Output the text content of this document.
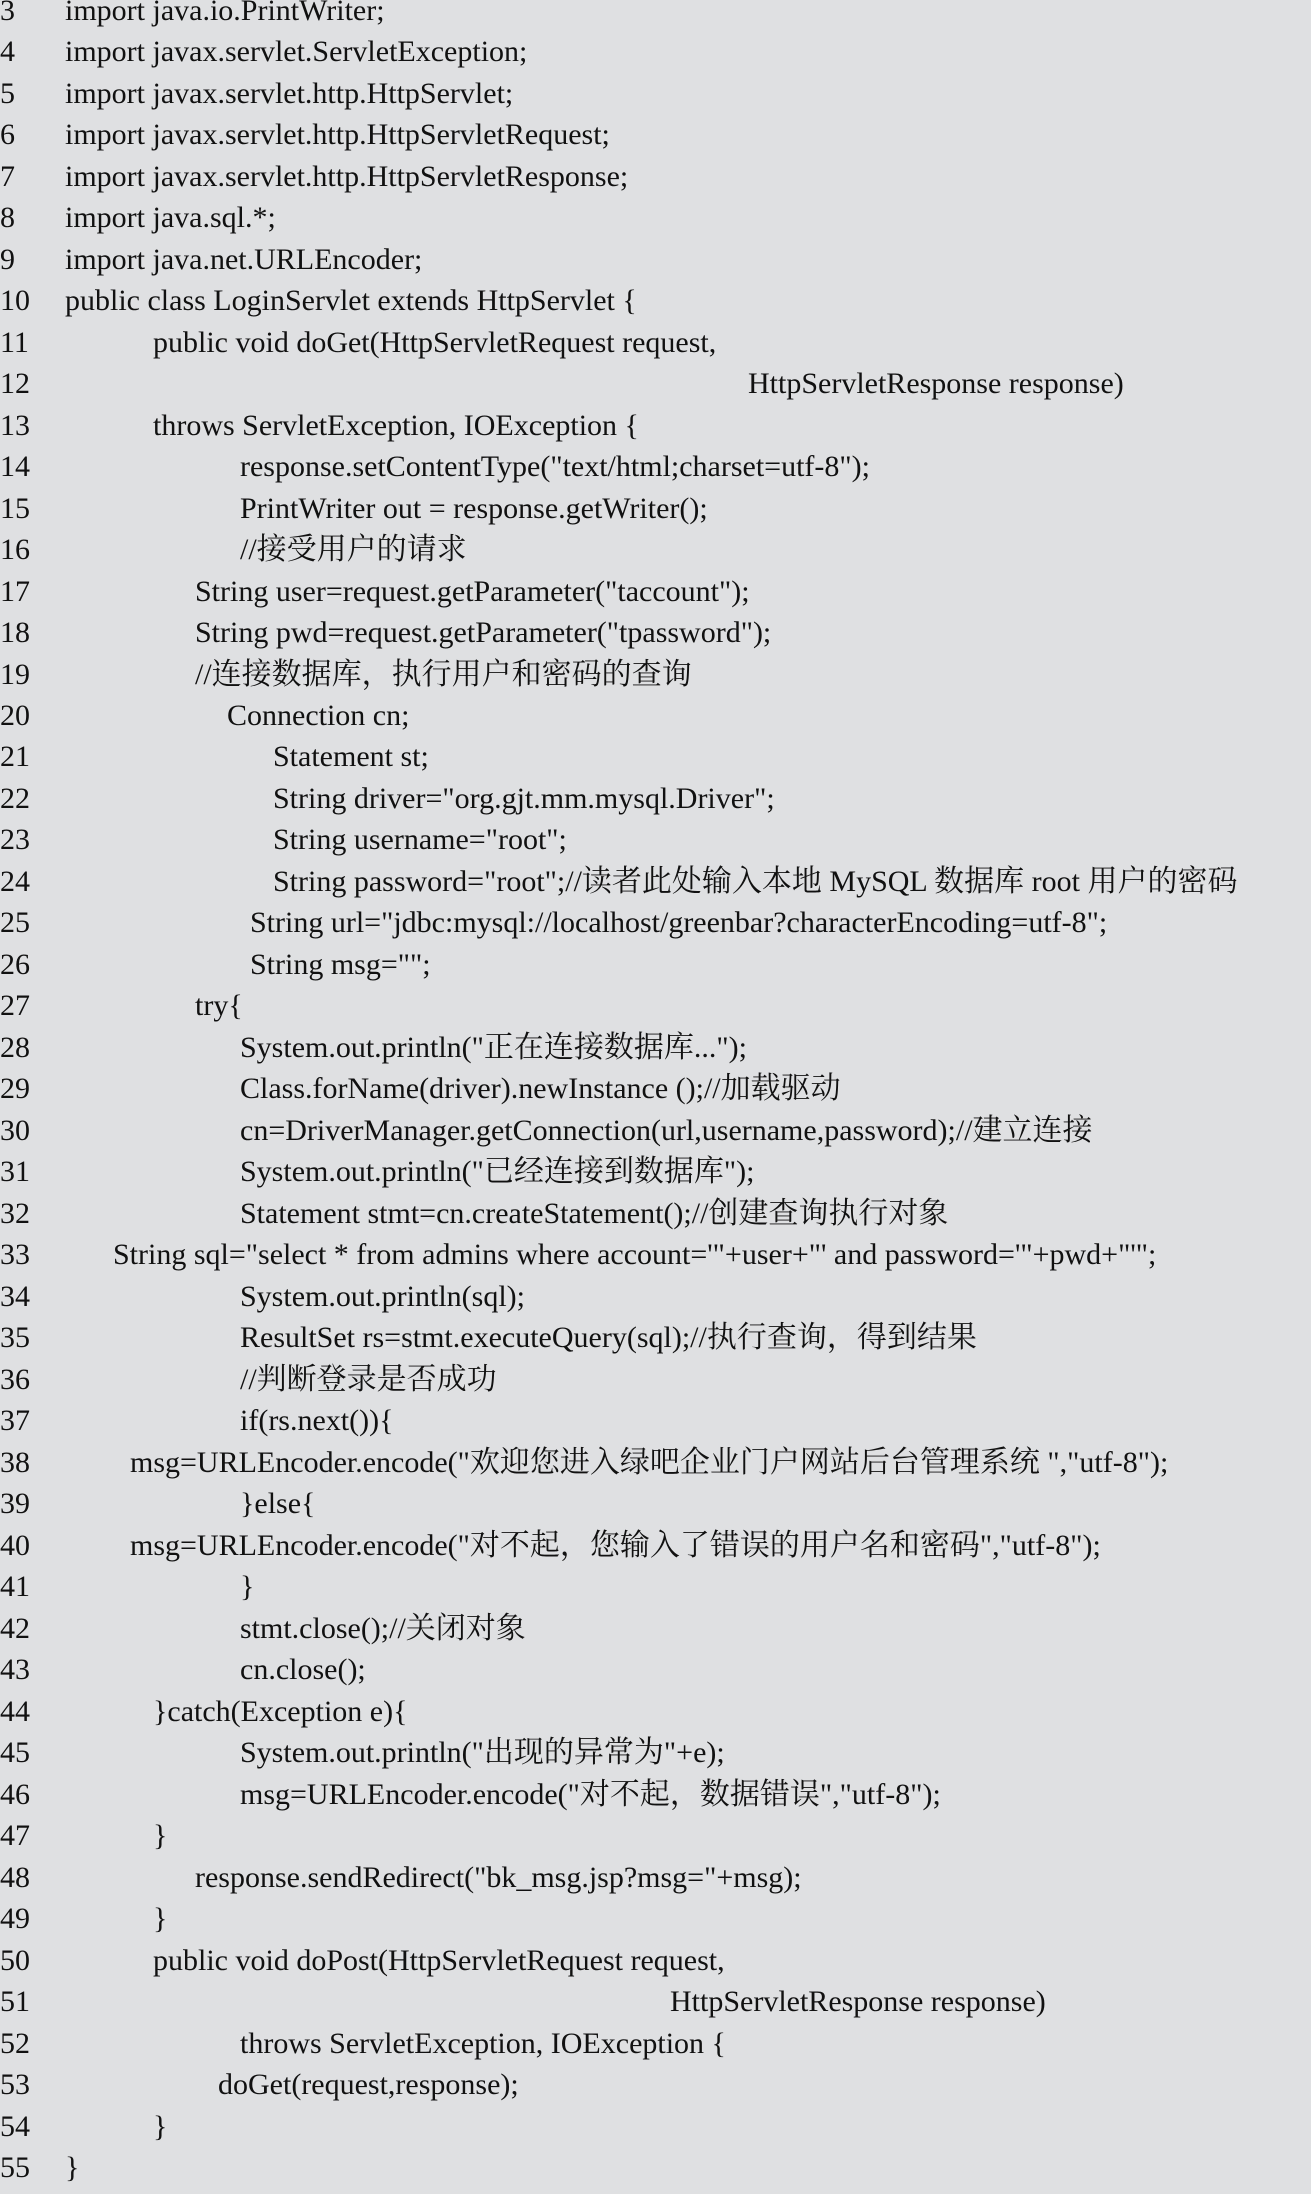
3	import java.io.PrintWriter;
4	import javax.servlet.ServletException;
5	import javax.servlet.http.HttpServlet;
6	import javax.servlet.http.HttpServletRequest;
7	import javax.servlet.http.HttpServletResponse;
8	import java.sql.*;
9	import java.net.URLEncoder;
10	public class LoginServlet extends HttpServlet {
11	public void doGet(HttpServletRequest request,
12	HttpServletResponse response)
13	throws ServletException, IOException {
14	response.setContentType("text/html;charset=utf-8");
15	PrintWriter out = response.getWriter();
16	//接受用户的请求
17	String user=request.getParameter("taccount");
18	String pwd=request.getParameter("tpassword");
19	//连接数据库，执行用户和密码的查询
20	Connection cn;
21	Statement st;
22	String driver="org.gjt.mm.mysql.Driver";
23	String username="root";
24	String password="root";//读者此处输入本地 MySQL 数据库 root 用户的密码
25	String url="jdbc:mysql://localhost/greenbar?characterEncoding=utf-8";
26	String msg="";
27	try{
28	System.out.println("正在连接数据库...");
29	Class.forName(driver).newInstance ();//加载驱动
30	cn=DriverManager.getConnection(url,username,password);//建立连接
31	System.out.println("已经连接到数据库");
32	Statement stmt=cn.createStatement();//创建查询执行对象
33	String sql="select * from admins where account='"+user+"' and password='"+pwd+"'";
34	System.out.println(sql);
35	ResultSet rs=stmt.executeQuery(sql);//执行查询，得到结果
36	//判断登录是否成功
37	if(rs.next()){
38	msg=URLEncoder.encode("欢迎您进入绿吧企业门户网站后台管理系统 ","utf-8");
39	}else{
40	msg=URLEncoder.encode("对不起，您输入了错误的用户名和密码","utf-8");
41	}
42	stmt.close();//关闭对象
43	cn.close();
44	}catch(Exception e){
45	System.out.println("出现的异常为"+e);
46	msg=URLEncoder.encode("对不起，数据错误","utf-8");
47	}
48	response.sendRedirect("bk_msg.jsp?msg="+msg);
49	}
50	public void doPost(HttpServletRequest request,
51	HttpServletResponse response)
52	throws ServletException, IOException {
53	doGet(request,response);
54	}
55	}
